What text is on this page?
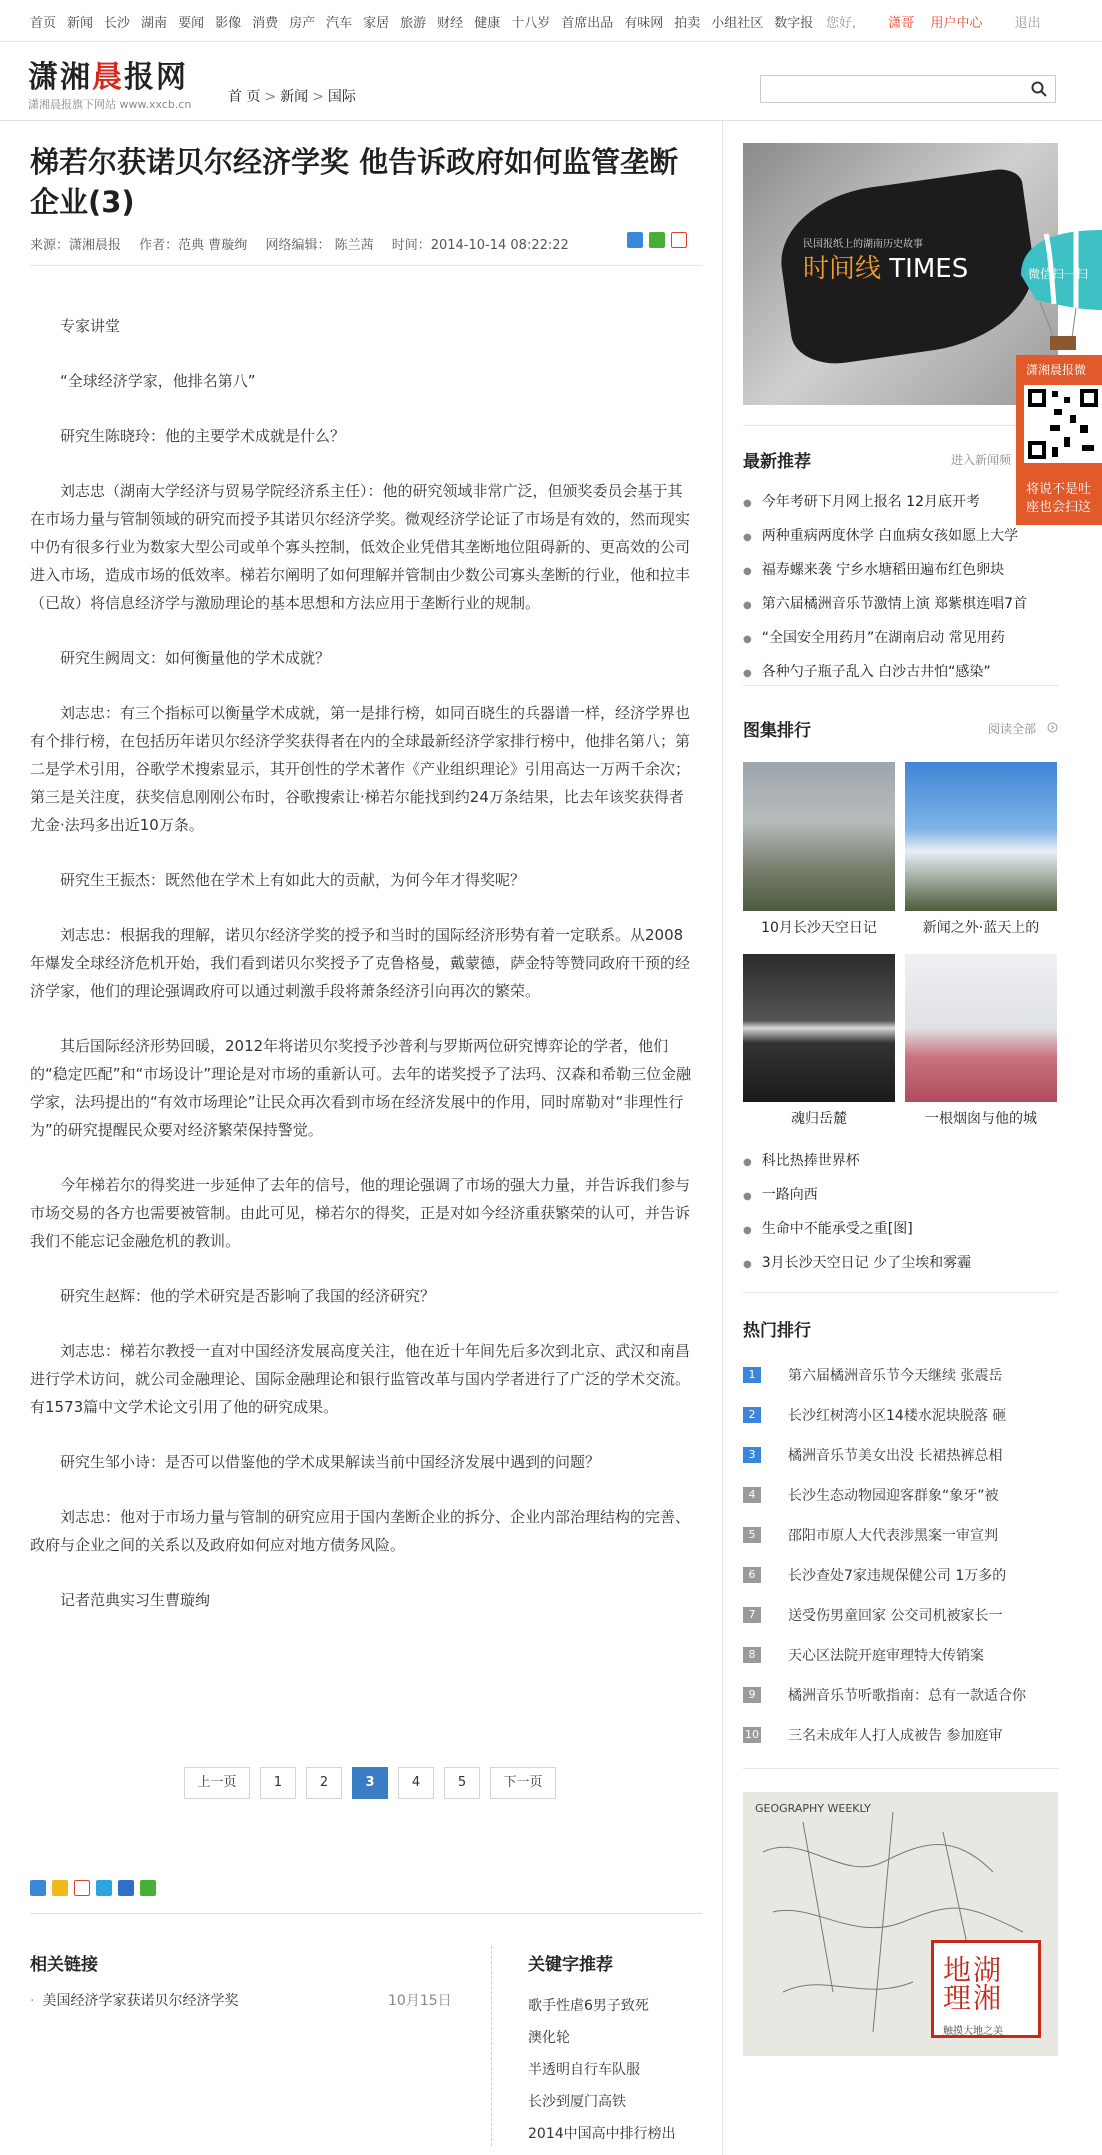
首页 新闻 长沙 湖南 要闻 影像 消费 房产 汽车 家居 旅游 财经 健康 十八岁 首席出品 有味网 拍卖 小组社区 数字报 您好, 潇哥 用户中心 退出
潇湘晨报网
潇湘晨报旗下网站 www.xxcb.cn	首 页 > 新闻 > 国际
梯若尔获诺贝尔经济学奖 他告诉政府如何监管垄断企业(3)
来源：潇湘晨报 作者：范典 曹璇绚 网络编辑： 陈兰茜 时间：2014-10-14 08:22:22

专家讲堂

“全球经济学家，他排名第八”

研究生陈晓玲：他的主要学术成就是什么？

刘志忠（湖南大学经济与贸易学院经济系主任）：他的研究领域非常广泛，但颁奖委员会基于其在市场力量与管制领域的研究而授予其诺贝尔经济学奖。微观经济学论证了市场是有效的，然而现实中仍有很多行业为数家大型公司或单个寡头控制，低效企业凭借其垄断地位阻碍新的、更高效的公司进入市场，造成市场的低效率。梯若尔阐明了如何理解并管制由少数公司寡头垄断的行业，他和拉丰（已故）将信息经济学与激励理论的基本思想和方法应用于垄断行业的规制。

研究生阙周文：如何衡量他的学术成就？

刘志忠：有三个指标可以衡量学术成就，第一是排行榜，如同百晓生的兵器谱一样，经济学界也有个排行榜，在包括历年诺贝尔经济学奖获得者在内的全球最新经济学家排行榜中，他排名第八；第二是学术引用，谷歌学术搜索显示，其开创性的学术著作《产业组织理论》引用高达一万两千余次；第三是关注度，获奖信息刚刚公布时，谷歌搜索让·梯若尔能找到约24万条结果，比去年该奖获得者尤金·法玛多出近10万条。

研究生王振杰：既然他在学术上有如此大的贡献，为何今年才得奖呢？

刘志忠：根据我的理解，诺贝尔经济学奖的授予和当时的国际经济形势有着一定联系。从2008年爆发全球经济危机开始，我们看到诺贝尔奖授予了克鲁格曼，戴蒙德，萨金特等赞同政府干预的经济学家，他们的理论强调政府可以通过刺激手段将萧条经济引向再次的繁荣。

其后国际经济形势回暖，2012年将诺贝尔奖授予沙普利与罗斯两位研究博弈论的学者，他们的“稳定匹配”和“市场设计”理论是对市场的重新认可。去年的诺奖授予了法玛、汉森和希勒三位金融学家，法玛提出的“有效市场理论”让民众再次看到市场在经济发展中的作用，同时席勒对“非理性行为”的研究提醒民众要对经济繁荣保持警觉。

今年梯若尔的得奖进一步延伸了去年的信号，他的理论强调了市场的强大力量，并告诉我们参与市场交易的各方也需要被管制。由此可见，梯若尔的得奖，正是对如今经济重获繁荣的认可，并告诉我们不能忘记金融危机的教训。

研究生赵辉：他的学术研究是否影响了我国的经济研究？

刘志忠：梯若尔教授一直对中国经济发展高度关注，他在近十年间先后多次到北京、武汉和南昌进行学术访问，就公司金融理论、国际金融理论和银行监管改革与国内学者进行了广泛的学术交流。有1573篇中文学术论文引用了他的研究成果。

研究生邹小诗：是否可以借鉴他的学术成果解读当前中国经济发展中遇到的问题？

刘志忠：他对于市场力量与管制的研究应用于国内垄断企业的拆分、企业内部治理结构的完善、政府与企业之间的关系以及政府如何应对地方债务风险。

记者范典实习生曹璇绚

上一页	1	2	3	4	5	下一页
相关链接
· 美国经济学家获诺贝尔经济学奖	10月15日
关键字推荐
歌手性虐6男子致死
澳化轮
半透明自行车队服
长沙到厦门高铁
2014中国高中排行榜出
民国报纸上的湖南历史故事
时间线 TIMES
最新推荐	进入新闻频
● 今年考研下月网上报名 12月底开考
● 两种重病两度休学 白血病女孩如愿上大学
● 福寿螺来袭 宁乡水塘稻田遍布红色卵块
● 第六届橘洲音乐节激情上演 郑紫棋连唱7首
● “全国安全用药月”在湖南启动 常见用药
● 各种勺子瓶子乱入 白沙古井怕“感染”
图集排行	阅读全部
10月长沙天空日记	新闻之外·蓝天上的
魂归岳麓	一根烟囱与他的城
● 科比热捧世界杯
● 一路向西
● 生命中不能承受之重[图]
● 3月长沙天空日记 少了尘埃和雾霾
热门排行
1	第六届橘洲音乐节今天继续 张震岳
2	长沙红树湾小区14楼水泥块脱落 砸
3	橘洲音乐节美女出没 长裙热裤总相
4	长沙生态动物园迎客群象“象牙”被
5	邵阳市原人大代表涉黑案一审宣判
6	长沙查处7家违规保健公司 1万多的
7	送受伤男童回家 公交司机被家长一
8	天心区法院开庭审理特大传销案
9	橘洲音乐节听歌指南：总有一款适合你
10 三名未成年人打人成被告 参加庭审
GEOGRAPHY WEEKLY
湖湘地理
触摸大地之美
微信扫一扫
潇湘晨报微
将说不是吐
座也会扫这
